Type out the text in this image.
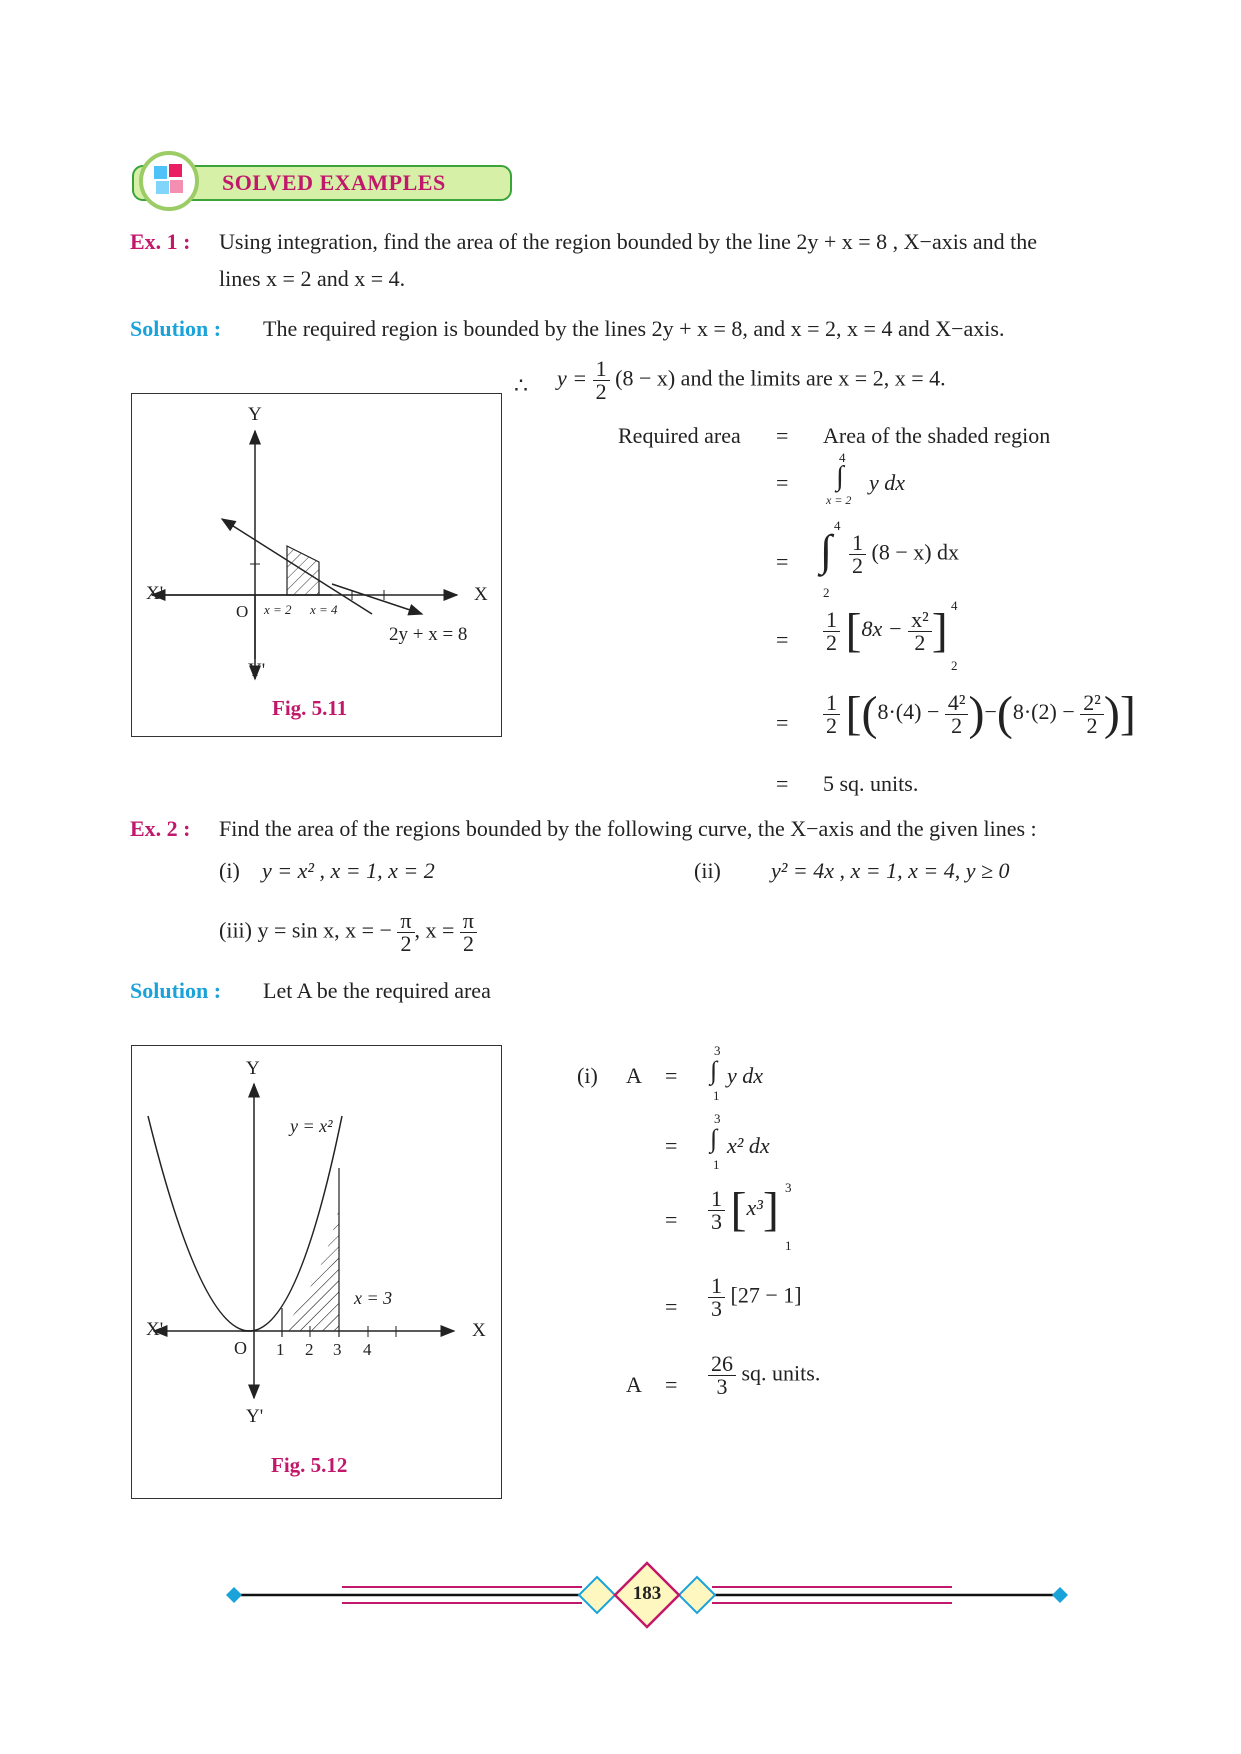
SOLVED EXAMPLES
Ex. 1 : Using integration, find the area of the region bounded by the line 2y + x = 8 , X−axis and the
lines x = 2 and x = 4.
Solution : The required region is bounded by the lines 2y + x = 8, and x = 2, x = 4 and X−axis.
Y
Y'
X
X'
O x = 2 x = 4
2y + x = 8
Fig. 5.11
∴ $y = \frac{1}{2} (8 - x)$ and the limits are x = 2, x = 4.
Required area = Area of the shaded region
=
4
∫
x = 2
y dx
=
4
∫
2
$\frac{1}{2} (8 - x)$ dx
= $\frac{1}{2} [8x - \frac{\text{x²}}{2}$ ] 4
2
= $\frac{1}{2} [(8\cdot(4) - \frac{\text{4²}}{2} )-(8\cdot(2) - \frac{\text{2²}}{2}$ )]
= 5 sq. units.
Ex. 2 : Find the area of the regions bounded by the following curve, the X−axis and the given lines :
(i) y = x² , x = 1, x = 2	(ii) y² = 4x , x = 1, x = 4, y ≥ 0
(iii) y = sin x, x = − $\frac{\pi}{2}$ , $x = \frac{\pi}{2}$
Solution : Let A be the required area
Y
Y'
X
X'
O 1 2 3 4
y = x²
x = 3
Fig. 5.12
(i) A =
3
∫
1
y dx
=
3
∫
1
x² dx
= $\frac{1}{3} [x^3]$ 3
1
= $\frac{1}{3} [27 - 1]$
$A = \frac{26}{3}$ sq. units.
183
